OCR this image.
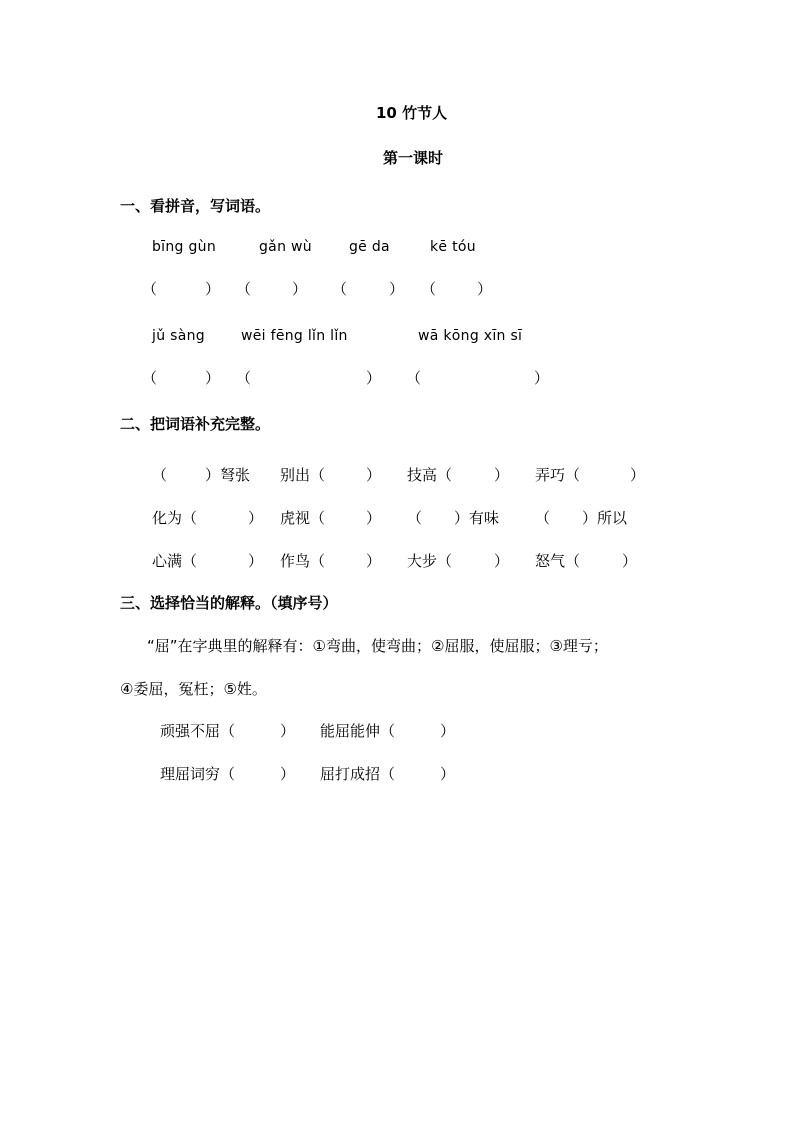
10 竹节人
第一课时
一、看拼音，写词语。
bīng gùn	gǎn wù	gē da	kē tóu
（	） （	） （	） （	）
jǔ sàng	wēi fēng lǐn lǐn	wā kōng xīn sī
（	） （	） （	）
二、把词语补充完整。
（	）弩张 别出（	） 技高（	） 弄巧（	）
化为（	） 虎视（	） （ ）有味 （ ）所以
心满（	） 作鸟（	） 大步（	） 怒气（	）
三、选择恰当的解释。（填序号）
“屈”在字典里的解释有：①弯曲，使弯曲；②屈服，使屈服；③理亏；
④委屈，冤枉；⑤姓。
顽强不屈（	） 能屈能伸（	）
理屈词穷（	） 屈打成招（	）
